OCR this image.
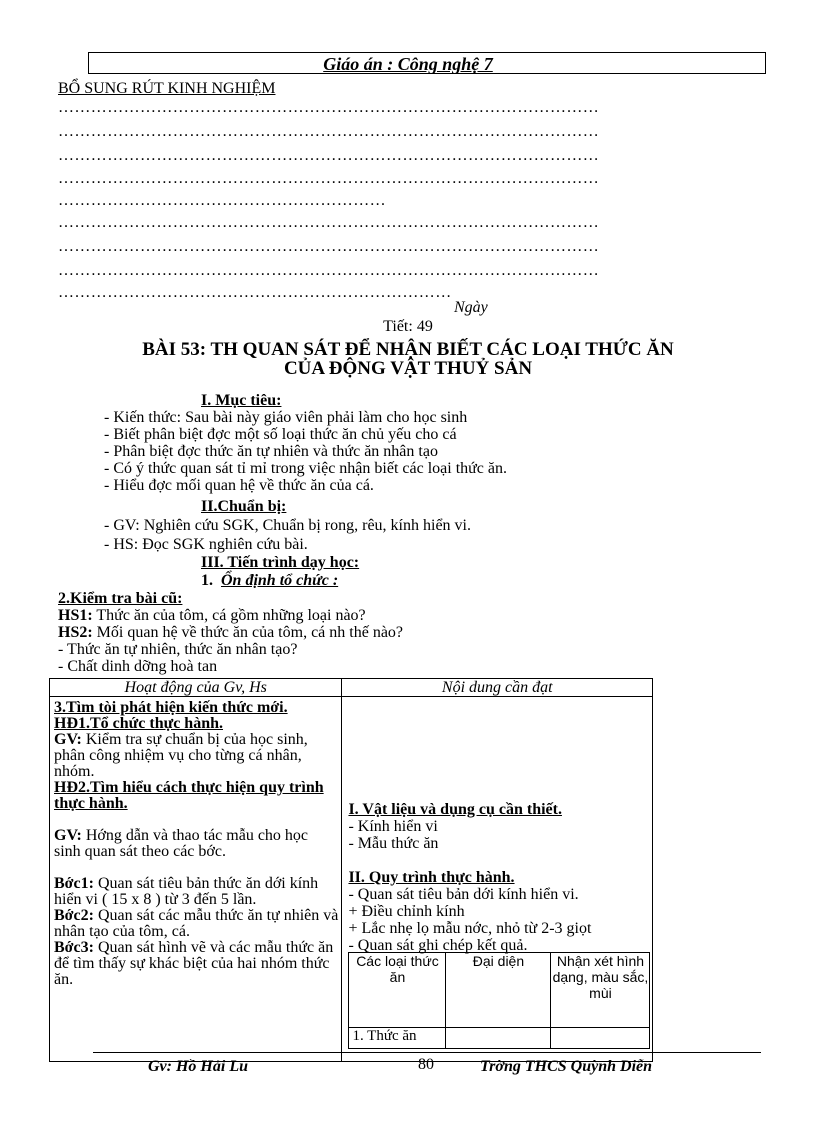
Giáo án : Công nghệ 7
BỔ SUNG RÚT KINH NGHIỆM
………………………………………………………………………………………
………………………………………………………………………………………
………………………………………………………………………………………
………………………………………………………………………………………
……………………………………………………
………………………………………………………………………………………
………………………………………………………………………………………
………………………………………………………………………………………
………………………………………………………………
Ngày
Tiết: 49
BÀI 53: TH QUAN SÁT ĐỂ NHẬN BIẾT CÁC LOẠI THỨC ĂN
CỦA ĐỘNG VẬT THUỶ SẢN
I. Mục tiêu:
- Kiến thức: Sau bài này giáo viên phải làm cho học sinh
- Biết phân biệt đợc một số loại thức ăn chủ yếu cho cá
- Phân biệt đợc thức ăn tự nhiên và thức ăn nhân tạo
- Có ý thức quan sát tỉ mỉ trong việc nhận biết các loại thức ăn.
- Hiểu đợc mối quan hệ về thức ăn của cá.
II.Chuẩn bị:
- GV: Nghiên cứu SGK, Chuẩn bị rong, rêu, kính hiển vi.
- HS: Đọc SGK nghiên cứu bài.
III. Tiến trình dạy học:
1. Ổn định tổ chức :
2.Kiểm tra bài cũ:
HS1: Thức ăn của tôm, cá gồm những loại nào?
HS2: Mối quan hệ về thức ăn của tôm, cá nh thế nào?
- Thức ăn tự nhiên, thức ăn nhân tạo?
- Chất dinh dỡng hoà tan
Hoạt động của Gv, Hs	Nội dung cần đạt

3.Tìm tòi phát hiện kiến thức mới.
HĐ1.Tổ chức thực hành.
GV: Kiểm tra sự chuẩn bị của học sinh, phân công nhiệm vụ cho từng cá nhân, nhóm.
HĐ2.Tìm hiểu cách thực hiện quy trình thực hành.
GV: Hớng dẫn và thao tác mẫu cho học sinh quan sát theo các bớc.
Bớc1: Quan sát tiêu bản thức ăn dới kính hiển vi ( 15 x 8 ) từ 3 đến 5 lần.
Bớc2: Quan sát các mẫu thức ăn tự nhiên và nhân tạo của tôm, cá.
Bớc3: Quan sát hình vẽ và các mẫu thức ăn để tìm thấy sự khác biệt của hai nhóm thức ăn.

I. Vật liệu và dụng cụ cần thiết.
- Kính hiển vi
- Mẫu thức ăn
II. Quy trình thực hành.
- Quan sát tiêu bản dới kính hiển vi.
+ Điều chỉnh kính
+ Lắc nhẹ lọ mẫu nớc, nhỏ từ 2-3 giọt
- Quan sát ghi chép kết quả.
Các loại thức ăn	Đại diện	Nhận xét hình dạng, màu sắc, mùi
1. Thức ăn		
Gv: Hồ Hải Lu	80	Trờng THCS Quỳnh Diễn
